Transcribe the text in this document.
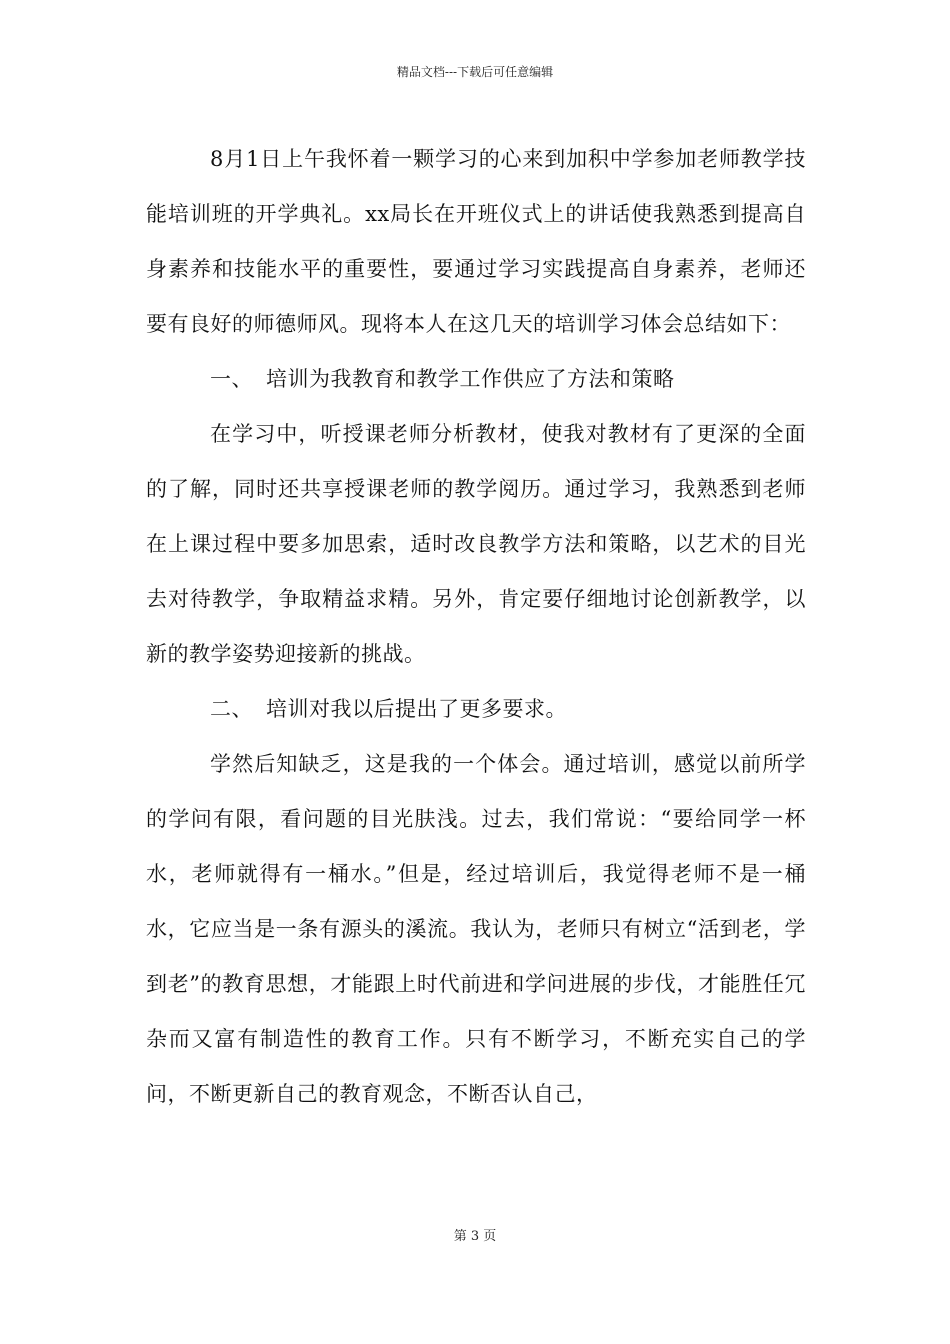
精品文档---下载后可任意编辑

8月1日上午我怀着一颗学习的心来到加积中学参加老师教学技能培训班的开学典礼。xx局长在开班仪式上的讲话使我熟悉到提高自身素养和技能水平的重要性，要通过学习实践提高自身素养，老师还要有良好的师德师风。现将本人在这几天的培训学习体会总结如下：

一、 培训为我教育和教学工作供应了方法和策略

在学习中，听授课老师分析教材，使我对教材有了更深的全面的了解，同时还共享授课老师的教学阅历。通过学习，我熟悉到老师在上课过程中要多加思索，适时改良教学方法和策略，以艺术的目光去对待教学，争取精益求精。另外，肯定要仔细地讨论创新教学，以新的教学姿势迎接新的挑战。

二、 培训对我以后提出了更多要求。

学然后知缺乏，这是我的一个体会。通过培训，感觉以前所学的学问有限，看问题的目光肤浅。过去，我们常说：“要给同学一杯水，老师就得有一桶水。”但是，经过培训后，我觉得老师不是一桶水，它应当是一条有源头的溪流。我认为，老师只有树立“活到老，学到老”的教育思想，才能跟上时代前进和学问进展的步伐，才能胜任冗杂而又富有制造性的教育工作。只有不断学习，不断充实自己的学问，不断更新自己的教育观念，不断否认自己，

第 3 页
